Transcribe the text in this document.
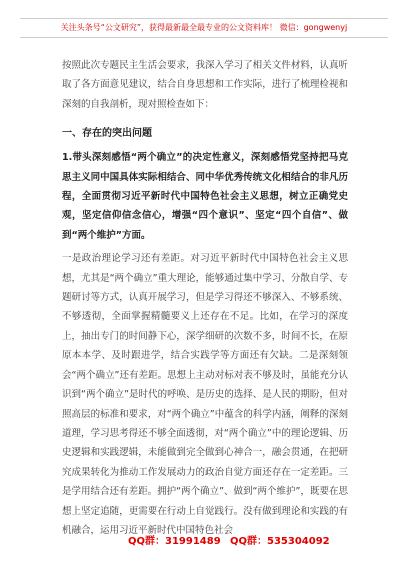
关注头条号“公文研究”，获得最新最全最专业的公文资料库！ 微信：gongwenyj

按照此次专题民主生活会要求，我深入学习了相关文件材料，认真听取了各方面意见建议，结合自身思想和工作实际，进行了梳理检视和深刻的自我剖析，现对照检查如下：

一、存在的突出问题

1.带头深刻感悟“两个确立”的决定性意义，深刻感悟党坚持把马克思主义同中国具体实际相结合、同中华优秀传统文化相结合的非凡历程，全面贯彻习近平新时代中国特色社会主义思想，树立正确党史观，坚定信仰信念信心，增强“四个意识”、坚定“四个自信”、做到“两个维护”方面。

一是政治理论学习还有差距。对习近平新时代中国特色社会主义思想，尤其是“两个确立”重大理论，能够通过集中学习、分散自学、专题研讨等方式，认真开展学习，但是学习得还不够深入、不够系统、不够透彻，全面掌握精髓要义上还存在不足。比如，在学习的深度上，抽出专门的时间静下心，深学细研的次数不多，时间不长，在原原本本学、及时跟进学，结合实践学等方面还有欠缺。二是深刻领会“两个确立”还有差距。思想上主动对标对表不够及时，虽能充分认识到“两个确立”是时代的呼唤、是历史的选择、是人民的期盼，但对照高层的标准和要求，对“两个确立”中蕴含的科学内涵，阐释的深刻道理，学习思考得还不够全面透彻，对“两个确立”中的理论逻辑、历史逻辑和实践逻辑，未能做到完全做到心神合一，融会贯通，在把研究成果转化为推动工作发展动力的政治自觉方面还存在一定差距。三是学用结合还有差距。拥护“两个确立”、做到“两个维护”，既要在思想上坚定追随，更需要在行动上自觉践行。没有做到理论和实践的有机融合，运用习近平新时代中国特色社会

QQ群：31991489 QQ群：535304092
